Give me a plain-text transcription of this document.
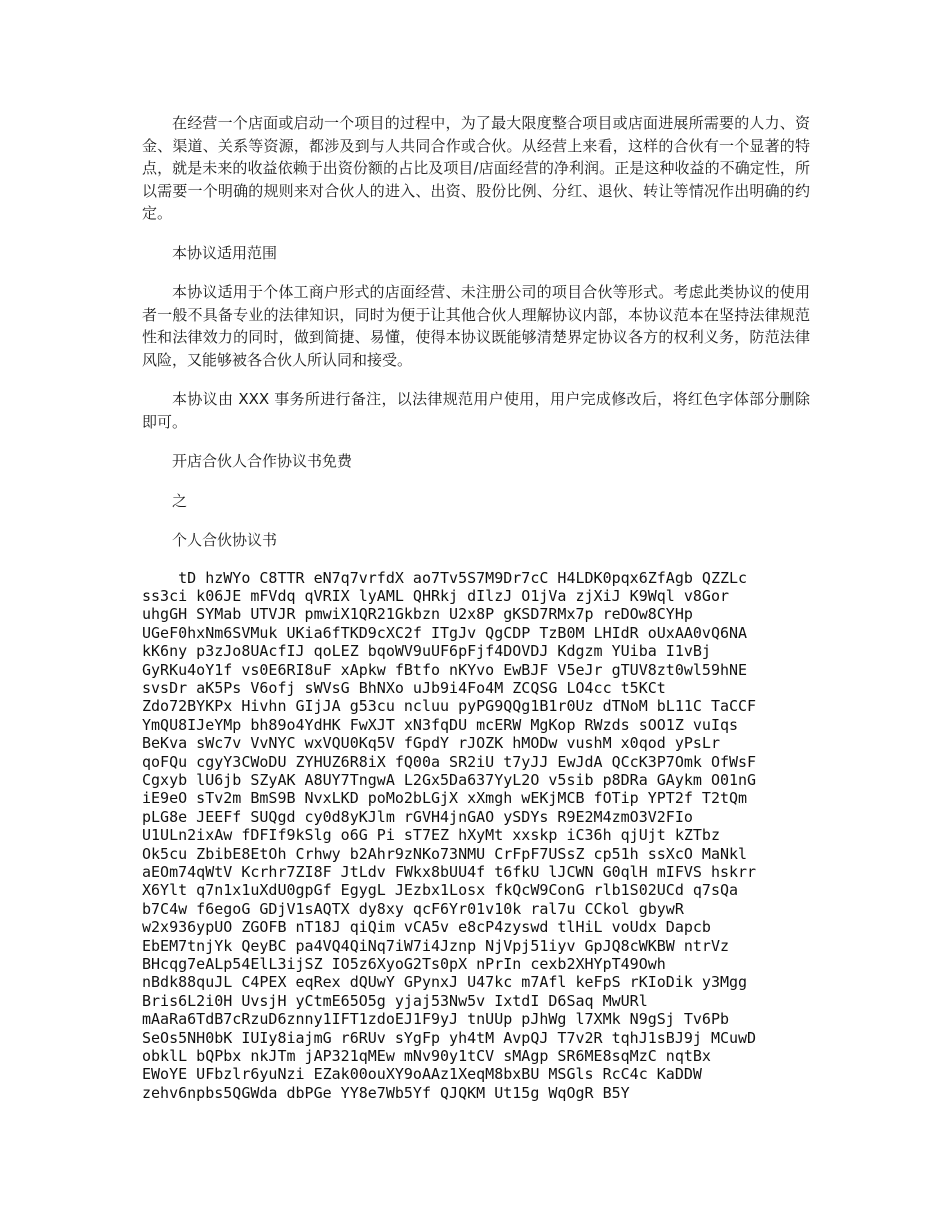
在经营一个店面或启动一个项目的过程中，为了最大限度整合项目或店面进展所需要的人力、资金、渠道、关系等资源，都涉及到与人共同合作或合伙。从经营上来看，这样的合伙有一个显著的特点，就是未来的收益依赖于出资份额的占比及项目/店面经营的净利润。正是这种收益的不确定性，所以需要一个明确的规则来对合伙人的进入、出资、股份比例、分红、退伙、转让等情况作出明确的约定。

本协议适用范围

本协议适用于个体工商户形式的店面经营、未注册公司的项目合伙等形式。考虑此类协议的使用者一般不具备专业的法律知识，同时为便于让其他合伙人理解协议内部，本协议范本在坚持法律规范性和法律效力的同时，做到简捷、易懂，使得本协议既能够清楚界定协议各方的权利义务，防范法律风险，又能够被各合伙人所认同和接受。

本协议由 XXX 事务所进行备注，以法律规范用户使用，用户完成修改后，将红色字体部分删除即可。

开店合伙人合作协议书免费

之

个人合伙协议书

tD hzWYo C8TTR eN7q7vrfdX ao7Tv5S7M9Dr7cC H4LDK0pqx6ZfAgb QZZLc
ss3ci k06JE mFVdq qVRIX lyAML QHRkj dIlzJ O1jVa zjXiJ K9Wql v8Gor
uhgGH SYMab UTVJR pmwiX1QR21Gkbzn U2x8P gKSD7RMx7p reDOw8CYHp
UGeF0hxNm6SVMuk UKia6fTKD9cXC2f ITgJv QgCDP TzB0M LHIdR oUxAA0vQ6NA
kK6ny p3zJo8UAcfIJ qoLEZ bqoWV9uUF6pFjf4DOVDJ Kdgzm YUiba I1vBj
GyRKu4oY1f vs0E6RI8uF xApkw fBtfo nKYvo EwBJF V5eJr gTUV8zt0wl59hNE
svsDr aK5Ps V6ofj sWVsG BhNXo uJb9i4Fo4M ZCQSG LO4cc t5KCt
Zdo72BYKPx Hivhn GIjJA g53cu ncluu pyPG9QQg1B1r0Uz dTNoM bL11C TaCCF
YmQU8IJeYMp bh89o4YdHK FwXJT xN3fqDU mcERW MgKop RWzds sOO1Z vuIqs
BeKva sWc7v VvNYC wxVQU0Kq5V fGpdY rJOZK hMODw vushM x0qod yPsLr
qoFQu cgyY3CWoDU ZYHUZ6R8iX fQ00a SR2iU t7yJJ EwJdA QCcK3P7Omk OfWsF
Cgxyb lU6jb SZyAK A8UY7TngwA L2Gx5Da637YyL2O v5sib p8DRa GAykm O01nG
iE9eO sTv2m BmS9B NvxLKD poMo2bLGjX xXmgh wEKjMCB fOTip YPT2f T2tQm
pLG8e JEEFf SUQgd cy0d8yKJlm rGVH4jnGAO ySDYs R9E2M4zmO3V2FIo
U1ULn2ixAw fDFIf9kSlg o6G Pi sT7EZ hXyMt xxskp iC36h qjUjt kZTbz
Ok5cu ZbibE8EtOh Crhwy b2Ahr9zNKo73NMU CrFpF7USsZ cp51h ssXcO MaNkl
aEOm74qWtV Kcrhr7ZI8F JtLdv FWkx8bUU4f t6fkU lJCWN G0qlH mIFVS hskrr
X6Ylt q7n1x1uXdU0gpGf EgygL JEzbx1Losx fkQcW9ConG rlb1S02UCd q7sQa
b7C4w f6egoG GDjV1sAQTX dy8xy qcF6Yr01v10k ral7u CCkol gbywR
w2x936ypUO ZGOFB nT18J qiQim vCA5v e8cP4zyswd tlHiL voUdx Dapcb
EbEM7tnjYk QeyBC pa4VQ4QiNq7iW7i4Jznp NjVpj51iyv GpJQ8cWKBW ntrVz
BHcqg7eALp54ElL3ijSZ IO5z6XyoG2Ts0pX nPrIn cexb2XHYpT49Owh
nBdk88quJL C4PEX eqRex dQUwY GPynxJ U47kc m7Afl keFpS rKIoDik y3Mgg
Bris6L2i0H UvsjH yCtmE65O5g yjaj53Nw5v IxtdI D6Saq MwURl
mAaRa6TdB7cRzuD6znny1IFT1zdoEJ1F9yJ tnUUp pJhWg l7XMk N9gSj Tv6Pb
SeOs5NH0bK IUIy8iajmG r6RUv sYgFp yh4tM AvpQJ T7v2R tqhJ1sBJ9j MCuwD
obklL bQPbx nkJTm jAP321qMEw mNv90y1tCV sMAgp SR6ME8sqMzC nqtBx
EWoYE UFbzlr6yuNzi EZak00ouXY9oAAz1XeqM8bxBU MSGls RcC4c KaDDW
zehv6npbs5QGWda dbPGe YY8e7Wb5Yf QJQKM Ut15g WqOgR B5Y
